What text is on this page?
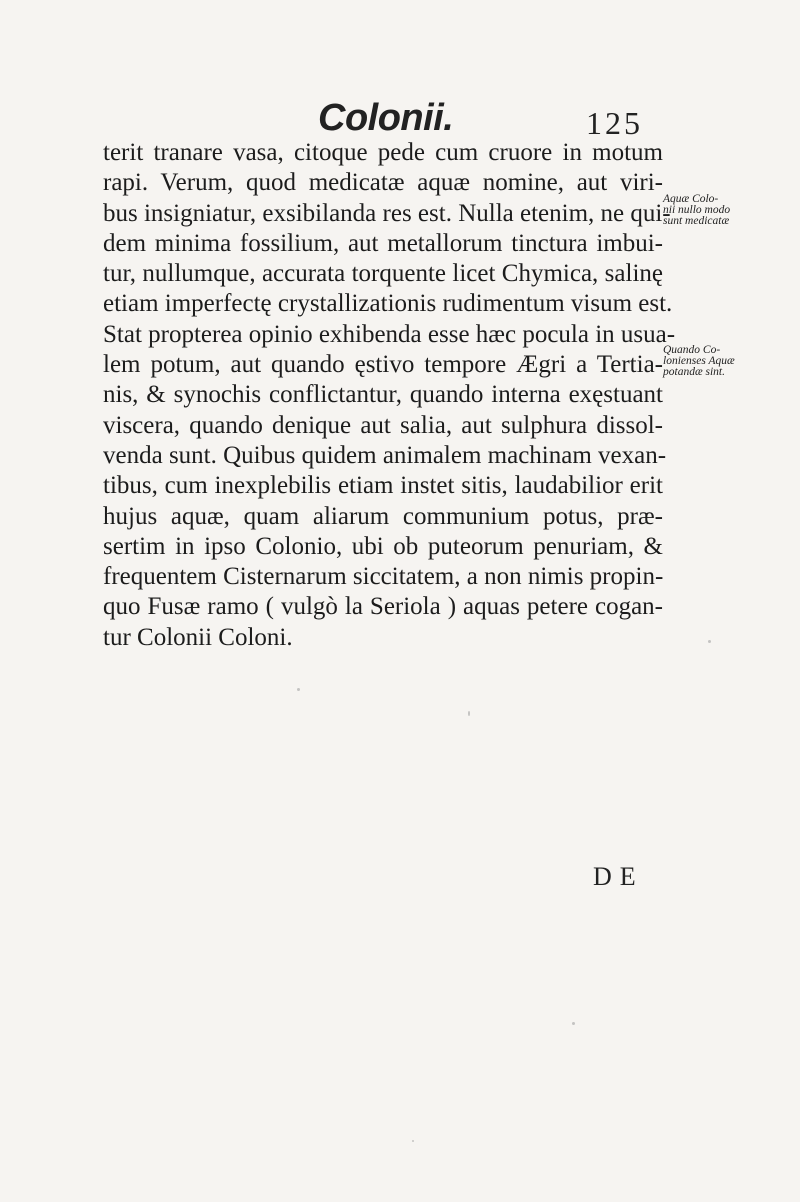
Colonii.	125
terit tranare vasa, citoque pede cum cruore in motum
rapi. Verum, quod medicatæ aquæ nomine, aut viri-
bus insigniatur, exsibilanda res est. Nulla etenim, ne qui-
dem minima fossilium, aut metallorum tinctura imbui-
tur, nullumque, accurata torquente licet Chymica, salinę
etiam imperfectę crystallizationis rudimentum visum est.
Stat propterea opinio exhibenda esse hæc pocula in usua-
lem potum, aut quando ęstivo tempore Ægri a Tertia-
nis, & synochis conflictantur, quando interna exęstuant
viscera, quando denique aut salia, aut sulphura dissol-
venda sunt. Quibus quidem animalem machinam vexan-
tibus, cum inexplebilis etiam instet sitis, laudabilior erit
hujus aquæ, quam aliarum communium potus, præ-
sertim in ipso Colonio, ubi ob puteorum penuriam, &
frequentem Cisternarum siccitatem, a non nimis propin-
quo Fusæ ramo ( vulgò la Seriola ) aquas petere cogan-
tur Colonii Coloni.
Aquæ Colo-
nii nullo modo
sunt medicatæ
Quando Co-
lonienses Aquæ
potandæ sint.
DE
